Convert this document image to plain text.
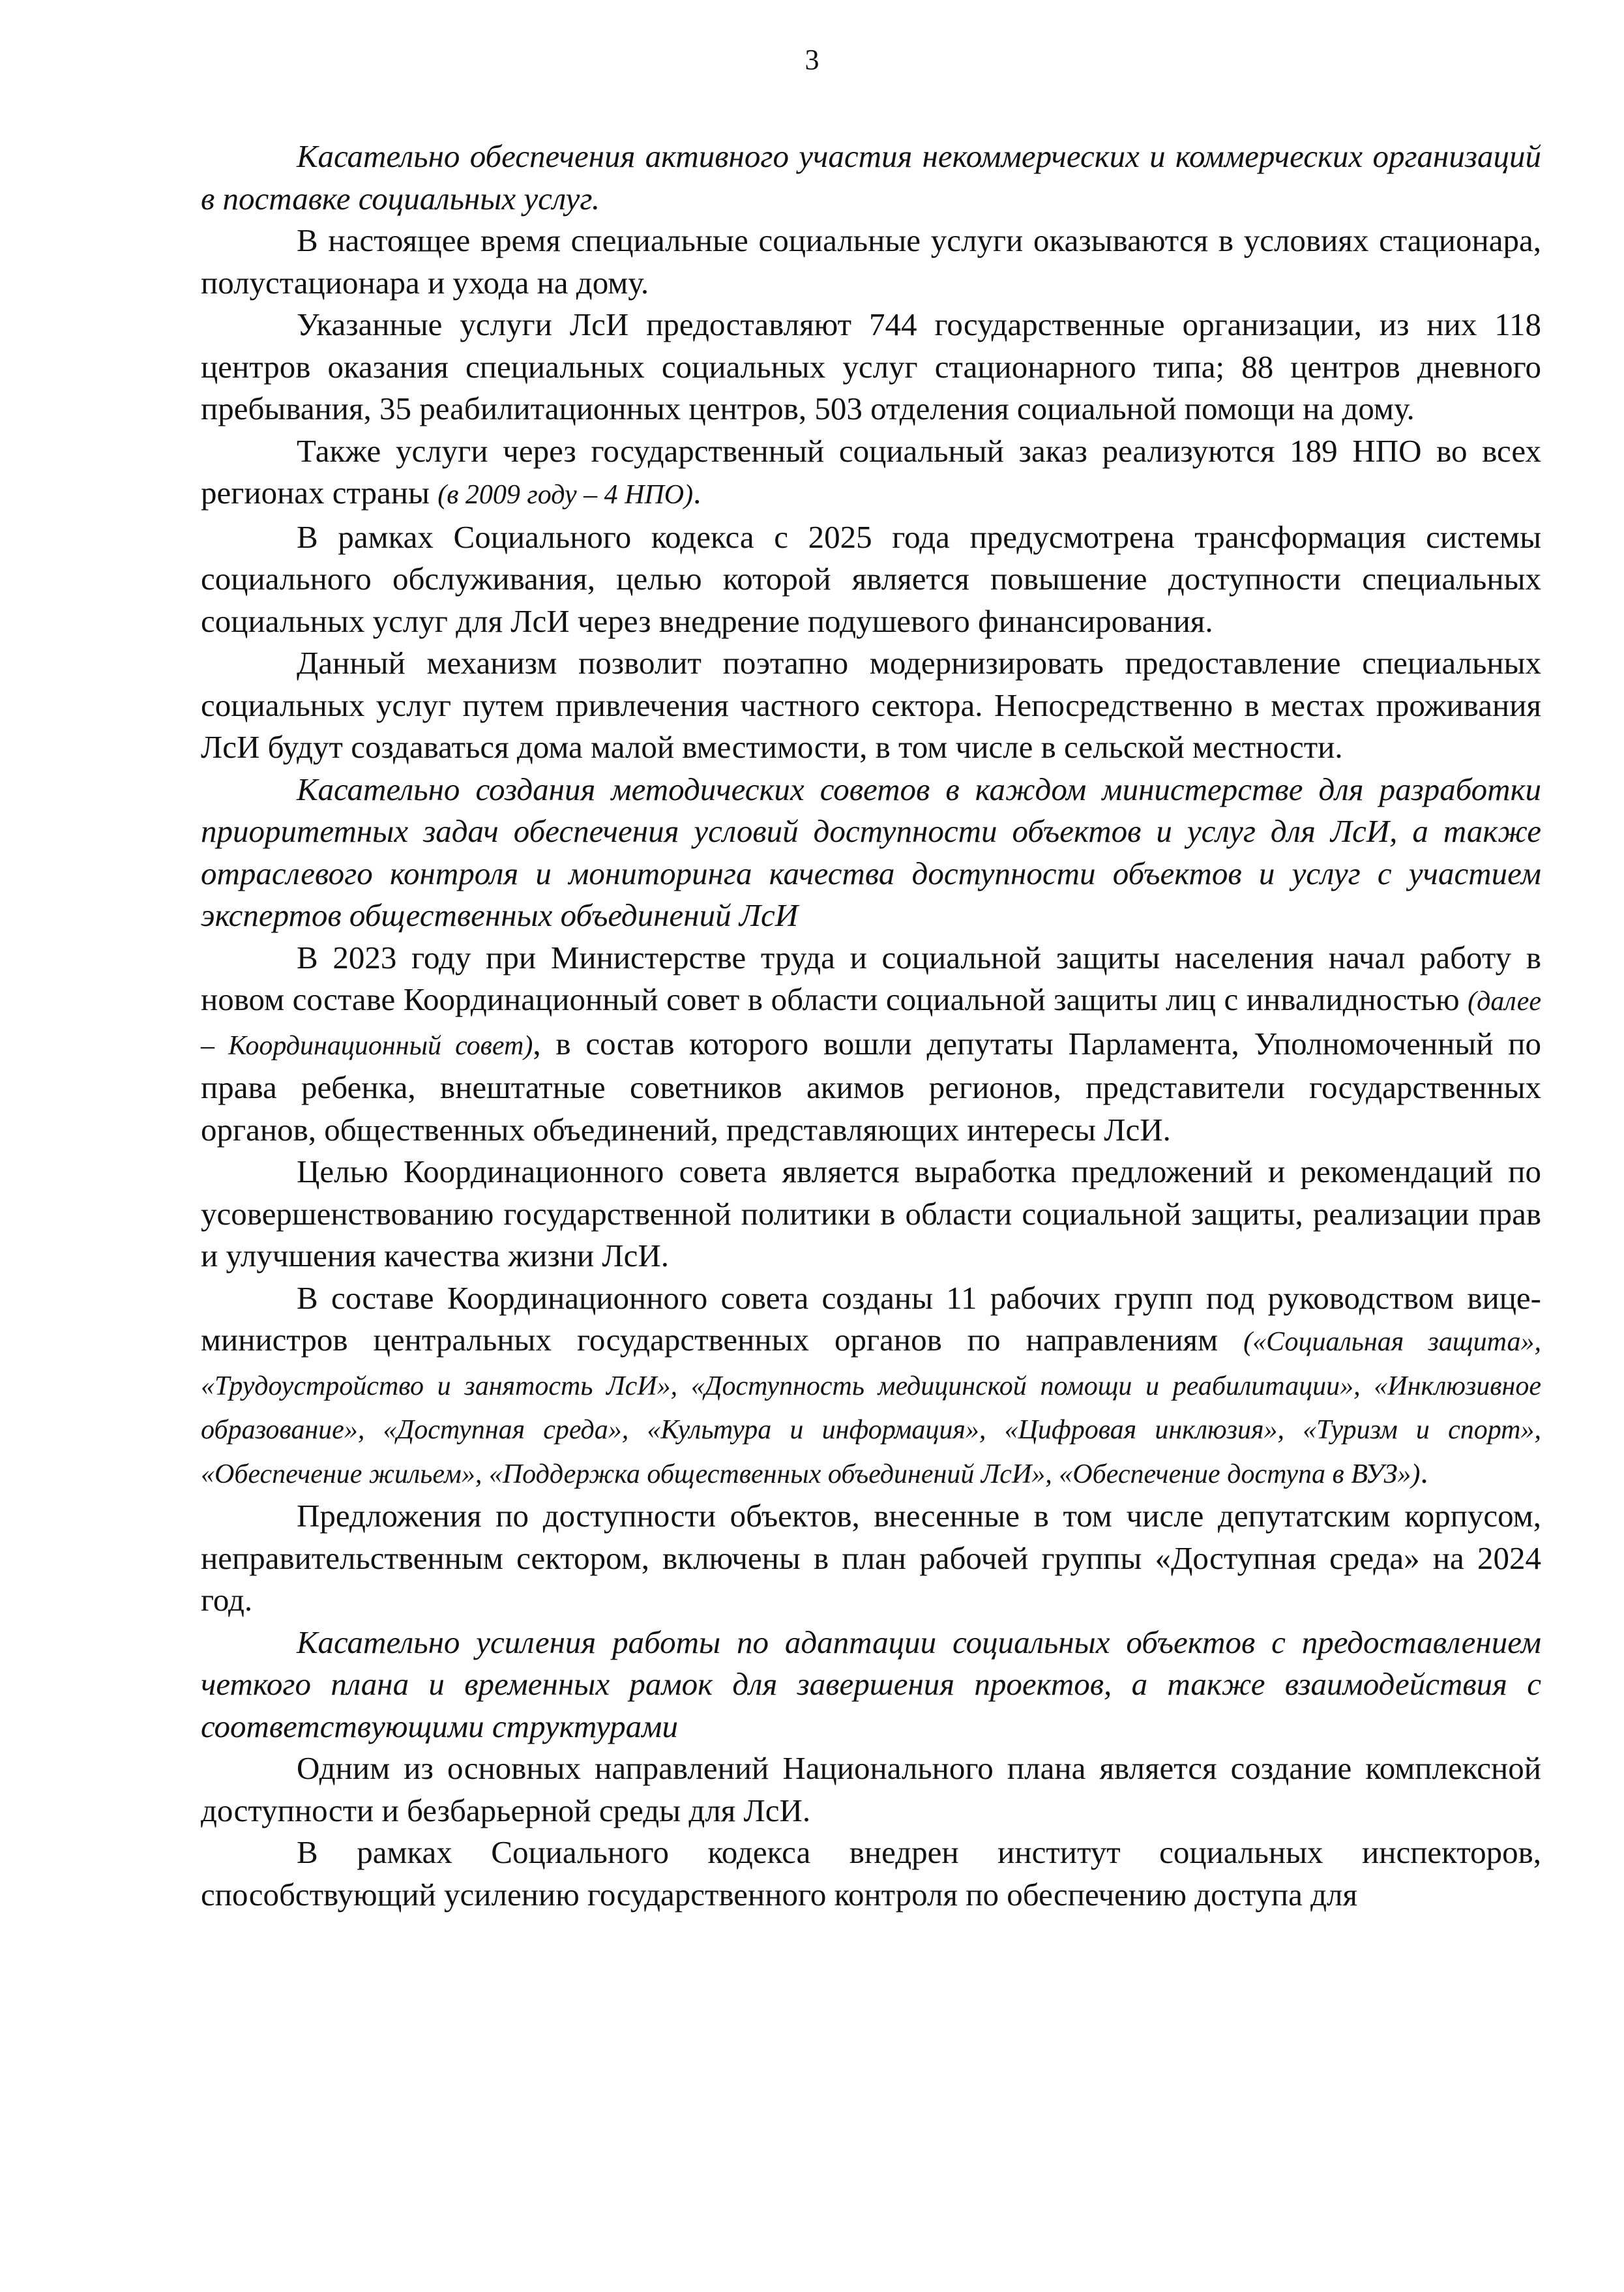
3

Касательно обеспечения активного участия некоммерческих и коммерческих организаций в поставке социальных услуг.

В настоящее время специальные социальные услуги оказываются в условиях стационара, полустационара и ухода на дому.

Указанные услуги ЛсИ предоставляют 744 государственные организации, из них 118 центров оказания специальных социальных услуг стационарного типа; 88 центров дневного пребывания, 35 реабилитационных центров, 503 отделения социальной помощи на дому.

Также услуги через государственный социальный заказ реализуются 189 НПО во всех регионах страны (в 2009 году – 4 НПО).

В рамках Социального кодекса с 2025 года предусмотрена трансформация системы социального обслуживания, целью которой является повышение доступности специальных социальных услуг для ЛсИ через внедрение подушевого финансирования.

Данный механизм позволит поэтапно модернизировать предоставление специальных социальных услуг путем привлечения частного сектора. Непосредственно в местах проживания ЛсИ будут создаваться дома малой вместимости, в том числе в сельской местности.

Касательно создания методических советов в каждом министерстве для разработки приоритетных задач обеспечения условий доступности объектов и услуг для ЛсИ, а также отраслевого контроля и мониторинга качества доступности объектов и услуг с участием экспертов общественных объединений ЛсИ

В 2023 году при Министерстве труда и социальной защиты населения начал работу в новом составе Координационный совет в области социальной защиты лиц с инвалидностью (далее – Координационный совет), в состав которого вошли депутаты Парламента, Уполномоченный по права ребенка, внештатные советников акимов регионов, представители государственных органов, общественных объединений, представляющих интересы ЛсИ.

Целью Координационного совета является выработка предложений и рекомендаций по усовершенствованию государственной политики в области социальной защиты, реализации прав и улучшения качества жизни ЛсИ.

В составе Координационного совета созданы 11 рабочих групп под руководством вице-министров центральных государственных органов по направлениям («Социальная защита», «Трудоустройство и занятость ЛсИ», «Доступность медицинской помощи и реабилитации», «Инклюзивное образование», «Доступная среда», «Культура и информация», «Цифровая инклюзия», «Туризм и спорт», «Обеспечение жильем», «Поддержка общественных объединений ЛсИ», «Обеспечение доступа в ВУЗ»).

Предложения по доступности объектов, внесенные в том числе депутатским корпусом, неправительственным сектором, включены в план рабочей группы «Доступная среда» на 2024 год.

Касательно усиления работы по адаптации социальных объектов с предоставлением четкого плана и временных рамок для завершения проектов, а также взаимодействия с соответствующими структурами

Одним из основных направлений Национального плана является создание комплексной доступности и безбарьерной среды для ЛсИ.

В рамках Социального кодекса внедрен институт социальных инспекторов, способствующий усилению государственного контроля по обеспечению доступа для
